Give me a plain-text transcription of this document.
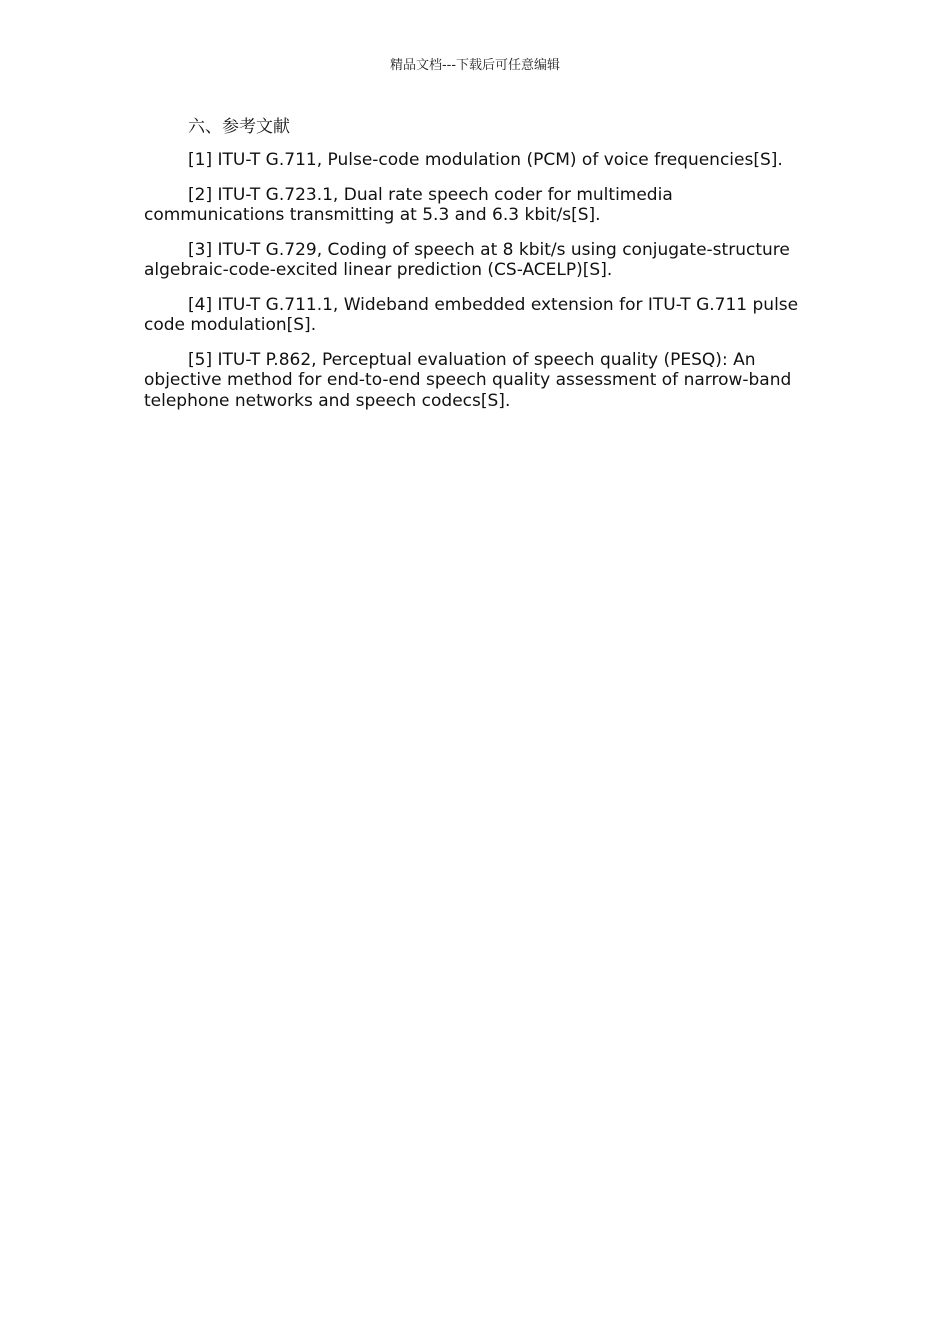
精品文档---下载后可任意编辑
六、参考文献
[1] ITU-T G.711, Pulse-code modulation (PCM) of voice frequencies[S].
[2] ITU-T G.723.1, Dual rate speech coder for multimedia communications transmitting at 5.3 and 6.3 kbit/s[S].
[3] ITU-T G.729, Coding of speech at 8 kbit/s using conjugate-structure algebraic-code-excited linear prediction (CS-ACELP)[S].
[4] ITU-T G.711.1, Wideband embedded extension for ITU-T G.711 pulse code modulation[S].
[5] ITU-T P.862, Perceptual evaluation of speech quality (PESQ): An objective method for end-to-end speech quality assessment of narrow-band telephone networks and speech codecs[S].
